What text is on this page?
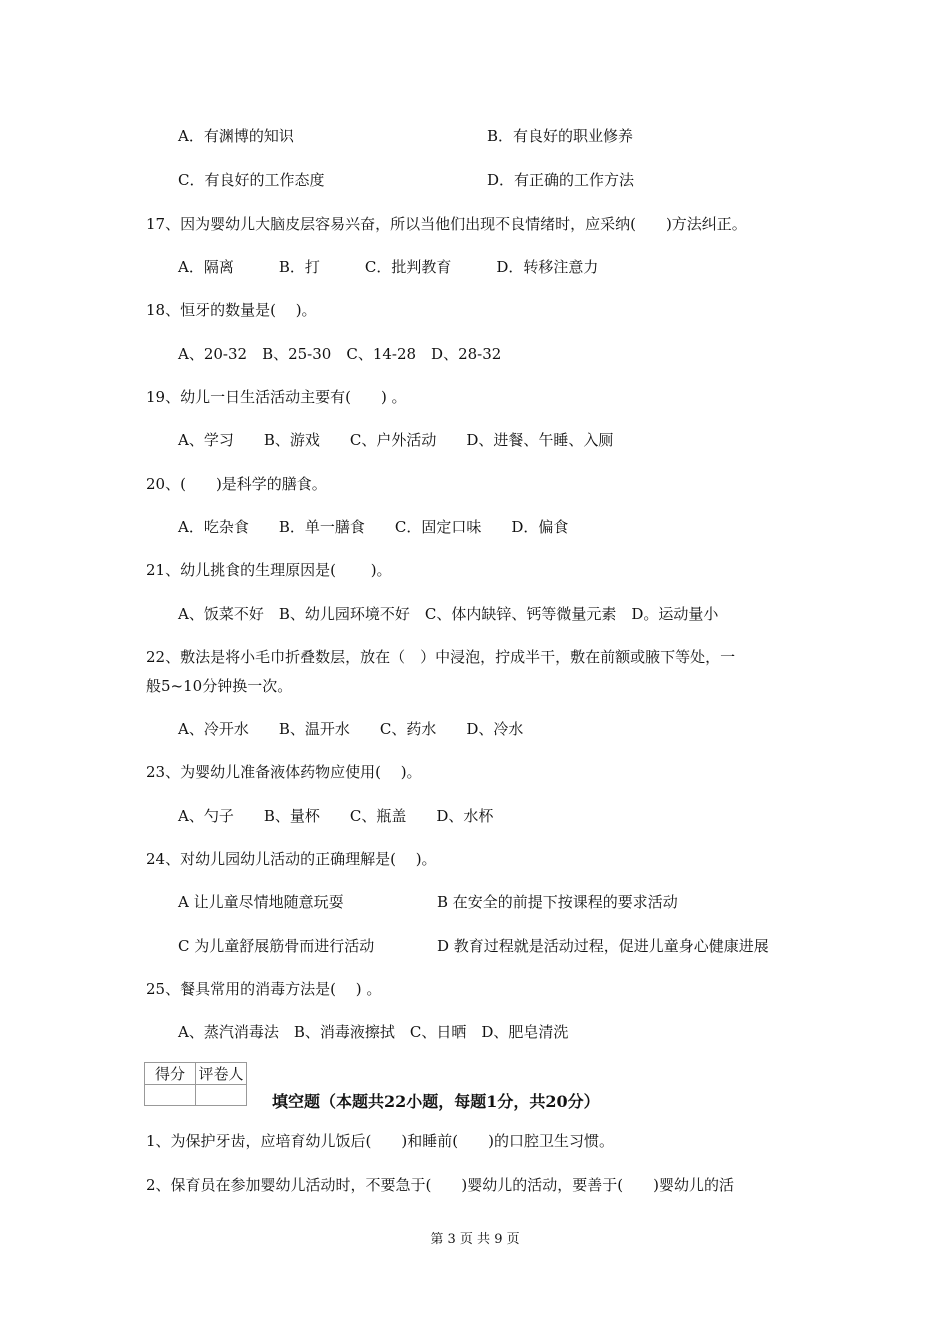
A．有渊博的知识	B．有良好的职业修养
C．有良好的工作态度	D．有正确的工作方法
17、因为婴幼儿大脑皮层容易兴奋，所以当他们出现不良情绪时，应采纳(　　)方法纠正。
A．隔离　　　B．打　　　C．批判教育　　　D．转移注意力
18、恒牙的数量是(　 )。
A、20-32　B、25-30　C、14-28　D、28-32
19、幼儿一日生活活动主要有(　　) 。
A、学习　　B、游戏　　C、户外活动　　D、进餐、午睡、入厕
20、(　　)是科学的膳食。
A．吃杂食　　B．单一膳食　　C．固定口味　　D．偏食
21、幼儿挑食的生理原因是(　　 )。
A、饭菜不好　B、幼儿园环境不好　C、体内缺锌、钙等微量元素　D。运动量小
22、敷法是将小毛巾折叠数层，放在（　）中浸泡，拧成半干，敷在前额或腋下等处，一
般5~10分钟换一次。
A、冷开水　　B、温开水　　C、药水　　D、冷水
23、为婴幼儿准备液体药物应使用(　 )。
A、勺子　　B、量杯　　C、瓶盖　　D、水杯
24、对幼儿园幼儿活动的正确理解是(　 )。
A 让儿童尽情地随意玩耍	B 在安全的前提下按课程的要求活动
C 为儿童舒展筋骨而进行活动	D 教育过程就是活动过程，促进儿童身心健康进展
25、餐具常用的消毒方法是(　 ) 。
A、蒸汽消毒法　B、消毒液擦拭　C、日晒　D、肥皂清洗
1、为保护牙齿，应培育幼儿饭后(　　)和睡前(　　)的口腔卫生习惯。
2、保育员在参加婴幼儿活动时，不要急于(　　)婴幼儿的活动，要善于(　　)婴幼儿的活
得分	评卷人

填空题（本题共22小题，每题1分，共20分）
第 3 页 共 9 页
